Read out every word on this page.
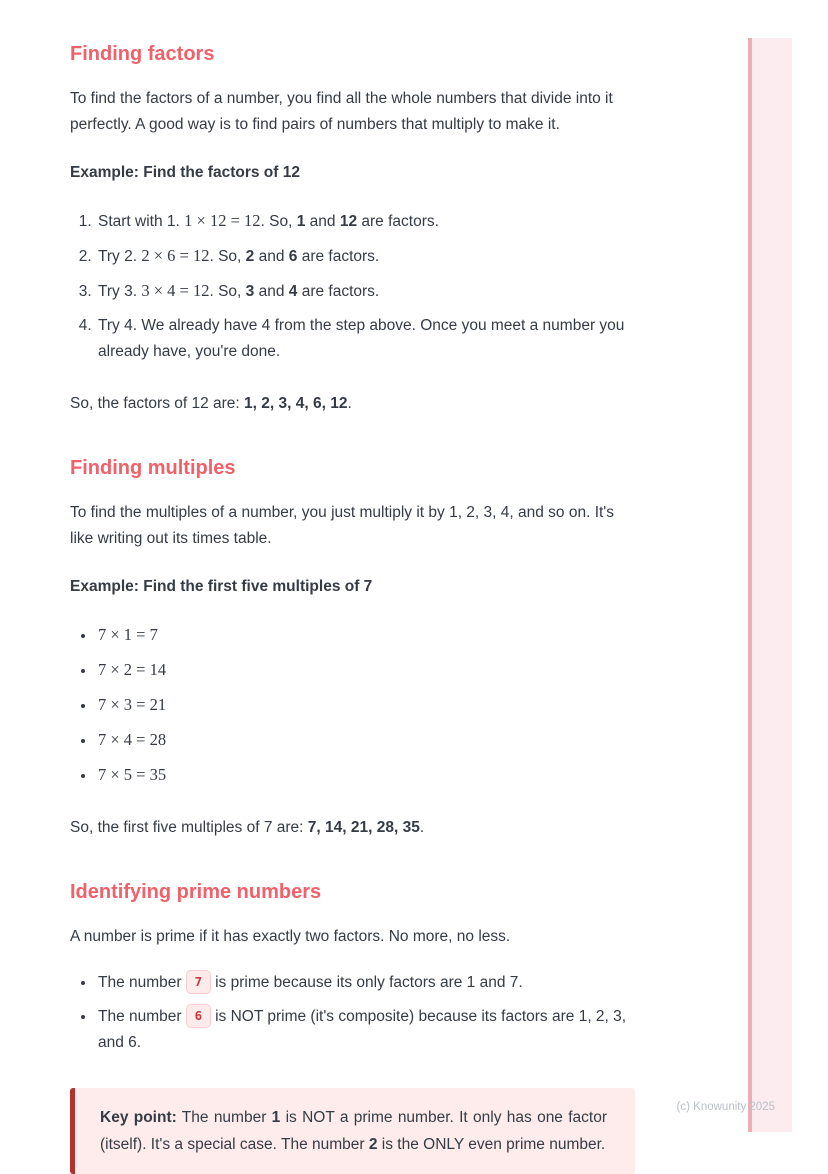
Finding factors

To find the factors of a number, you find all the whole numbers that divide into it perfectly. A good way is to find pairs of numbers that multiply to make it.

Example: Find the factors of 12

1. Start with 1. 1 × 12 = 12. So, 1 and 12 are factors.
2. Try 2. 2 × 6 = 12. So, 2 and 6 are factors.
3. Try 3. 3 × 4 = 12. So, 3 and 4 are factors.
4. Try 4. We already have 4 from the step above. Once you meet a number you already have, you're done.

So, the factors of 12 are: 1, 2, 3, 4, 6, 12.

Finding multiples

To find the multiples of a number, you just multiply it by 1, 2, 3, 4, and so on. It's like writing out its times table.

Example: Find the first five multiples of 7

• 7 × 1 = 7
• 7 × 2 = 14
• 7 × 3 = 21
• 7 × 4 = 28
• 7 × 5 = 35

So, the first five multiples of 7 are: 7, 14, 21, 28, 35.

Identifying prime numbers

A number is prime if it has exactly two factors. No more, no less.

• The number 7 is prime because its only factors are 1 and 7.
• The number 6 is NOT prime (it's composite) because its factors are 1, 2, 3, and 6.

Key point: The number 1 is NOT a prime number. It only has one factor (itself). It's a special case. The number 2 is the ONLY even prime number.

(c) Knowunity 2025
